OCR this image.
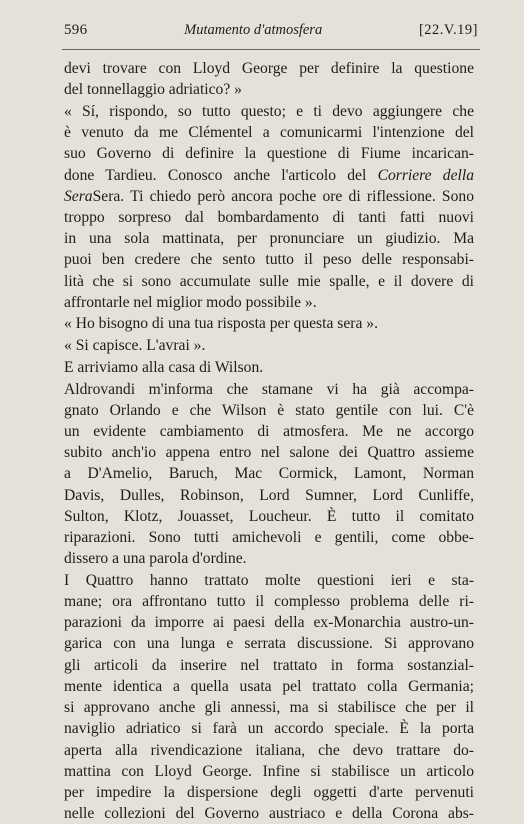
596	Mutamento d'atmosfera	[22.V.19]

devi trovare con Lloyd George per definire la questione
del tonnellaggio adriatico? »

« Sí, rispondo, so tutto questo; e ti devo aggiungere che
è venuto da me Clémentel a comunicarmi l'intenzione del
suo Governo di definire la questione di Fiume incarican-
done Tardieu. Conosco anche l'articolo del Corriere della
SeraSera. Ti chiedo però ancora poche ore di riflessione. Sono
troppo sorpreso dal bombardamento di tanti fatti nuovi
in una sola mattinata, per pronunciare un giudizio. Ma
puoi ben credere che sento tutto il peso delle responsabi-
lità che si sono accumulate sulle mie spalle, e il dovere di
affrontarle nel miglior modo possibile ».

« Ho bisogno di una tua risposta per questa sera ».

« Si capisce. L'avrai ».

E arriviamo alla casa di Wilson.

Aldrovandi m'informa che stamane vi ha già accompa-
gnato Orlando e che Wilson è stato gentile con lui. C'è
un evidente cambiamento di atmosfera. Me ne accorgo
subito anch'io appena entro nel salone dei Quattro assieme
a D'Amelio, Baruch, Mac Cormick, Lamont, Norman
Davis, Dulles, Robinson, Lord Sumner, Lord Cunliffe,
Sulton, Klotz, Jouasset, Loucheur. È tutto il comitato
riparazioni. Sono tutti amichevoli e gentili, come obbe-
dissero a una parola d'ordine.

I Quattro hanno trattato molte questioni ieri e sta-
mane; ora affrontano tutto il complesso problema delle ri-
parazioni da imporre ai paesi della ex-Monarchia austro-un-
garica con una lunga e serrata discussione. Si approvano
gli articoli da inserire nel trattato in forma sostanzial-
mente identica a quella usata pel trattato colla Germania;
si approvano anche gli annessi, ma si stabilisce che per il
naviglio adriatico si farà un accordo speciale. È la porta
aperta alla rivendicazione italiana, che devo trattare do-
mattina con Lloyd George. Infine si stabilisce un articolo
per impedire la dispersione degli oggetti d'arte pervenuti
nelle collezioni del Governo austriaco e della Corona abs-
